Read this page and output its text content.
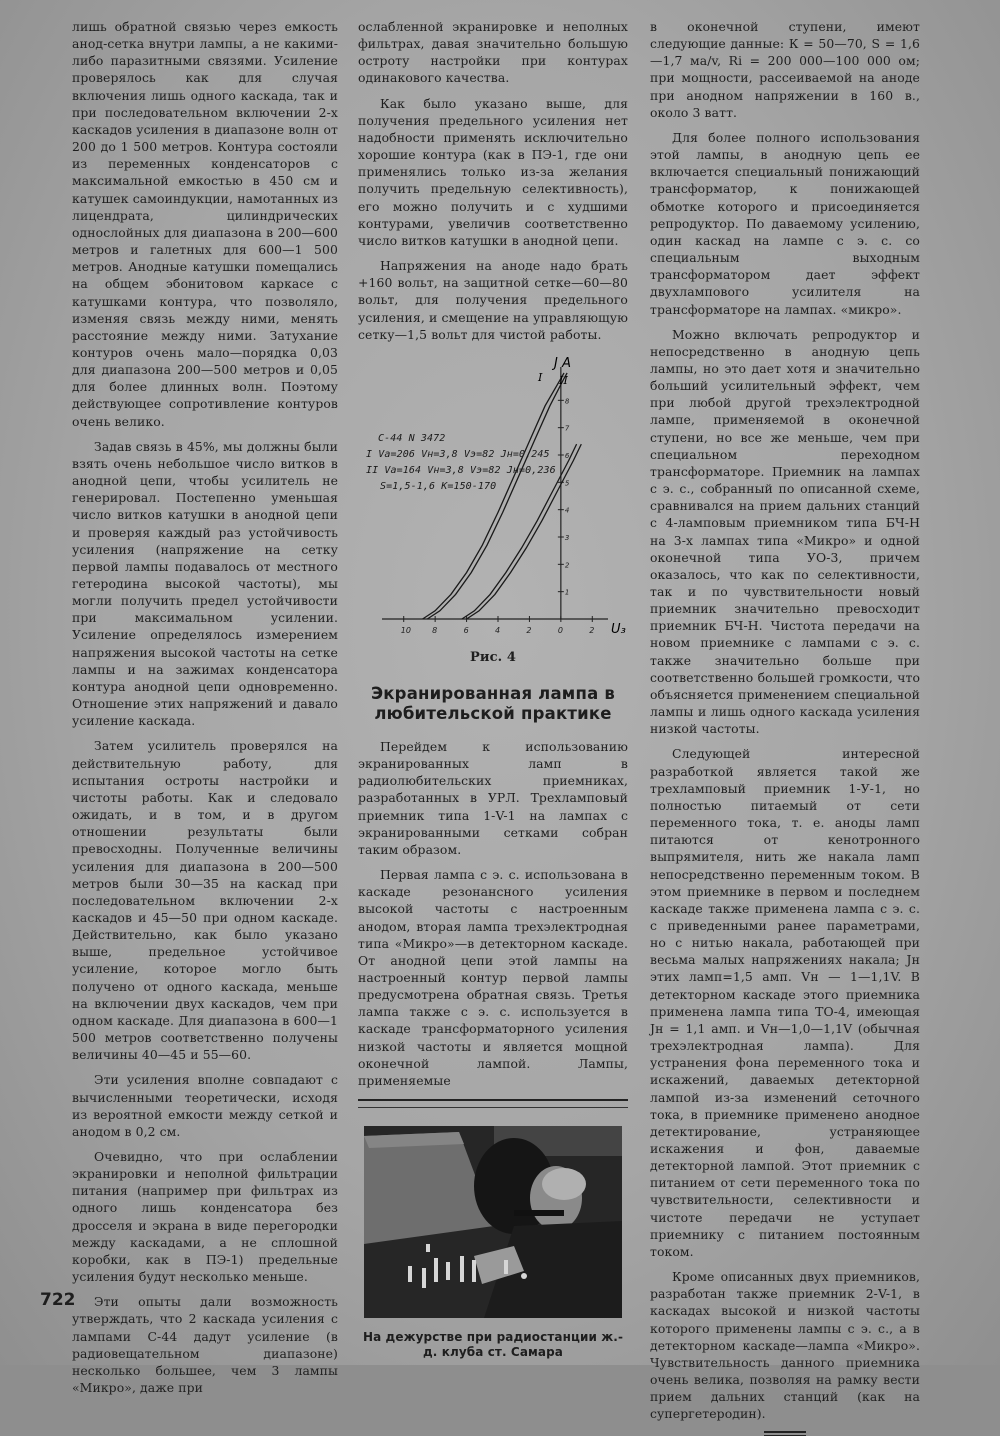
лишь обратной связью через емкость анод-сетка внутри лампы, а не какими-либо паразитными связями. Усиление проверялось как для случая включения лишь одного каскада, так и при последовательном включении 2-х каскадов усиления в диапазоне волн от 200 до 1 500 метров. Контура состояли из переменных конденсаторов с максимальной емкостью в 450 см и катушек самоиндукции, намотанных из лицендрата, цилиндрических однослойных для диапазона в 200—600 метров и галетных для 600—1 500 метров. Анодные катушки помещались на общем эбонитовом каркасе с катушками контура, что позволяло, изменяя связь между ними, менять расстояние между ними. Затухание контуров очень мало—порядка 0,03 для диапазона 200—500 метров и 0,05 для более длинных волн. Поэтому действующее сопротивление контуров очень велико.

Задав связь в 45%, мы должны были взять очень небольшое число витков в анодной цепи, чтобы усилитель не генерировал. Постепенно уменьшая число витков катушки в анодной цепи и проверяя каждый раз устойчивость усиления (напряжение на сетку первой лампы подавалось от местного гетеродина высокой частоты), мы могли получить предел устойчивости при максимальном усилении. Усиление определялось измерением напряжения высокой частоты на сетке лампы и на зажимах конденсатора контура анодной цепи одновременно. Отношение этих напряжений и давало усиление каскада.

Затем усилитель проверялся на действительную работу, для испытания остроты настройки и чистоты работы. Как и следовало ожидать, и в том, и в другом отношении результаты были превосходны. Полученные величины усиления для диапазона в 200—500 метров были 30—35 на каскад при последовательном включении 2-х каскадов и 45—50 при одном каскаде. Действительно, как было указано выше, предельное устойчивое усиление, которое могло быть получено от одного каскада, меньше на включении двух каскадов, чем при одном каскаде. Для диапазона в 600—1 500 метров соответственно получены величины 40—45 и 55—60.

Эти усиления вполне совпадают с вычисленными теоретически, исходя из вероятной емкости между сеткой и анодом в 0,2 см.

Очевидно, что при ослаблении экранировки и неполной фильтрации питания (например при фильтрах из одного лишь конденсатора без дросселя и экрана в виде перегородки между каскадами, а не сплошной коробки, как в ПЭ-1) предельные усиления будут несколько меньше.

Эти опыты дали возможность утверждать, что 2 каскада усиления с лампами С-44 дадут усиление (в радиовещательном диапазоне) несколько большее, чем 3 лампы «Микро», даже при

ослабленной экранировке и неполных фильтрах, давая значительно большую остроту настройки при контурах одинакового качества.

Как было указано выше, для получения предельного усиления нет надобности применять исключительно хорошие контура (как в ПЭ-1, где они применялись только из-за желания получить предельную селективность), его можно получить и с худшими контурами, увеличив соответственно число витков катушки в анодной цепи.

Напряжения на аноде надо брать +160 вольт, на защитной сетке—60—80 вольт, для получения предельного усиления, и смещение на управляющую сетку—1,5 вольт для чистой работы.

10	8	6	4	2	0	2
1
2
3
4
5
6
7
8
С-44 N 3472
I Va=206 Vн=3,8 Vэ=82 Jн=0,245
II Va=164 Vн=3,8 Vэ=82 Jн=0,236
S=1,5-1,6 K=150-170
J A
U₃
I II
Рис. 4
Экранированная лампа в любительской практике

Перейдем к использованию экранированных ламп в радиолюбительских приемниках, разработанных в УРЛ. Трехламповый приемник типа 1-V-1 на лампах с экранированными сетками собран таким образом.

Первая лампа с э. с. использована в каскаде резонансного усиления высокой частоты с настроенным анодом, вторая лампа трехэлектродная типа «Микро»—в детекторном каскаде. От анодной цепи этой лампы на настроенный контур первой лампы предусмотрена обратная связь. Третья лампа также с э. с. используется в каскаде трансформаторного усиления низкой частоты и является мощной оконечной лампой. Лампы, применяемые

На дежурстве при радиостанции ж.-д. клуба ст. Самара

в оконечной ступени, имеют следующие данные: К = 50—70, S = 1,6—1,7 ма/v, Ri = 200 000—100 000 ом; при мощности, рассеиваемой на аноде при анодном напряжении в 160 в., около 3 ватт.

Для более полного использования этой лампы, в анодную цепь ее включается специальный понижающий трансформатор, к понижающей обмотке которого и присоединяется репродуктор. По даваемому усилению, один каскад на лампе с э. с. со специальным выходным трансформатором дает эффект двухлампового усилителя на трансформаторе на лампах. «микро».

Можно включать репродуктор и непосредственно в анодную цепь лампы, но это дает хотя и значительно больший усилительный эффект, чем при любой другой трехэлектродной лампе, применяемой в оконечной ступени, но все же меньше, чем при специальном переходном трансформаторе. Приемник на лампах с э. с., собранный по описанной схеме, сравнивался на прием дальних станций с 4-ламповым приемником типа БЧ-Н на 3-х лампах типа «Микро» и одной оконечной типа УО-3, причем оказалось, что как по селективности, так и по чувствительности новый приемник значительно превосходит приемник БЧ-Н. Чистота передачи на новом приемнике с лампами с э. с. также значительно больше при соответственно большей громкости, что объясняется применением специальной лампы и лишь одного каскада усиления низкой частоты.

Следующей интересной разработкой является такой же трехламповый приемник 1-У-1, но полностью питаемый от сети переменного тока, т. е. аноды ламп питаются от кенотронного выпрямителя, нить же накала ламп непосредственно переменным током. В этом приемнике в первом и последнем каскаде также применена лампа с э. с. с приведенными ранее параметрами, но с нитью накала, работающей при весьма малых напряжениях накала; Jн этих ламп=1,5 амп. Vн — 1—1,1V. В детекторном каскаде этого приемника применена лампа типа ТО-4, имеющая Jн = 1,1 амп. и Vн—1,0—1,1V (обычная трехэлектродная лампа). Для устранения фона переменного тока и искажений, даваемых детекторной лампой из-за изменений сеточного тока, в приемнике применено анодное детектирование, устраняющее искажения и фон, даваемые детекторной лампой. Этот приемник с питанием от сети переменного тока по чувствительности, селективности и чистоте передачи не уступает приемнику с питанием постоянным током.

Кроме описанных двух приемников, разработан также приемник 2-V-1, в каскадах высокой и низкой частоты которого применены лампы с э. с., а в детекторном каскаде—лампа «Микро». Чувствительность данного приемника очень велика, позволяя на рамку вести прием дальних станций (как на супергетеродин).

722
